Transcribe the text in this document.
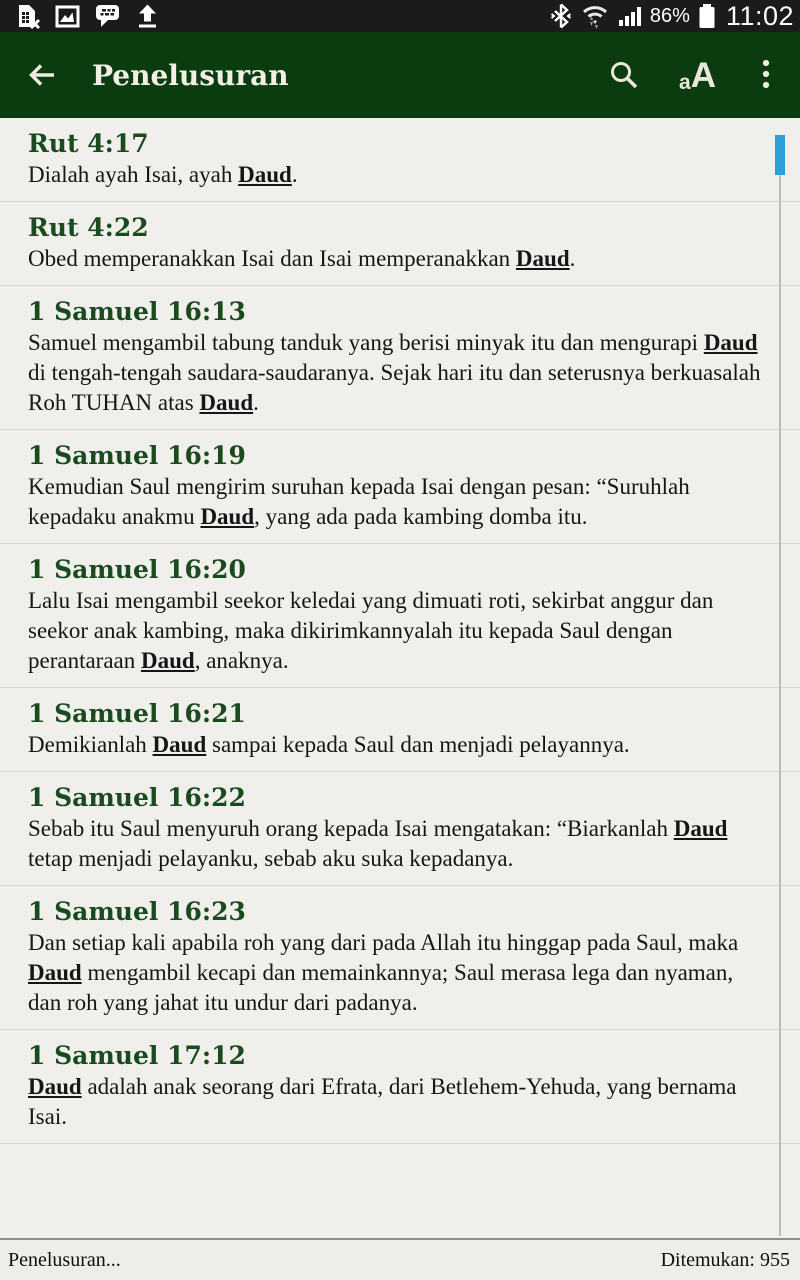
86% 11:02
Penelusuran	a A
Rut 4:17
Dialah ayah Isai, ayah Daud.
Rut 4:22
Obed memperanakkan Isai dan Isai memperanakkan Daud.
1 Samuel 16:13
Samuel mengambil tabung tanduk yang berisi minyak itu dan mengurapi Daud di tengah-tengah saudara-saudaranya. Sejak hari itu dan seterusnya berkuasalah Roh TUHAN atas Daud.
1 Samuel 16:19
Kemudian Saul mengirim suruhan kepada Isai dengan pesan: “Suruhlah kepadaku anakmu Daud, yang ada pada kambing domba itu.
1 Samuel 16:20
Lalu Isai mengambil seekor keledai yang dimuati roti, sekirbat anggur dan seekor anak kambing, maka dikirimkannyalah itu kepada Saul dengan perantaraan Daud, anaknya.
1 Samuel 16:21
Demikianlah Daud sampai kepada Saul dan menjadi pelayannya.
1 Samuel 16:22
Sebab itu Saul menyuruh orang kepada Isai mengatakan: “Biarkanlah Daud tetap menjadi pelayanku, sebab aku suka kepadanya.
1 Samuel 16:23
Dan setiap kali apabila roh yang dari pada Allah itu hinggap pada Saul, maka Daud mengambil kecapi dan memainkannya; Saul merasa lega dan nyaman, dan roh yang jahat itu undur dari padanya.
1 Samuel 17:12
Daud adalah anak seorang dari Efrata, dari Betlehem-Yehuda, yang bernama Isai.
Penelusuran...	Ditemukan: 955
